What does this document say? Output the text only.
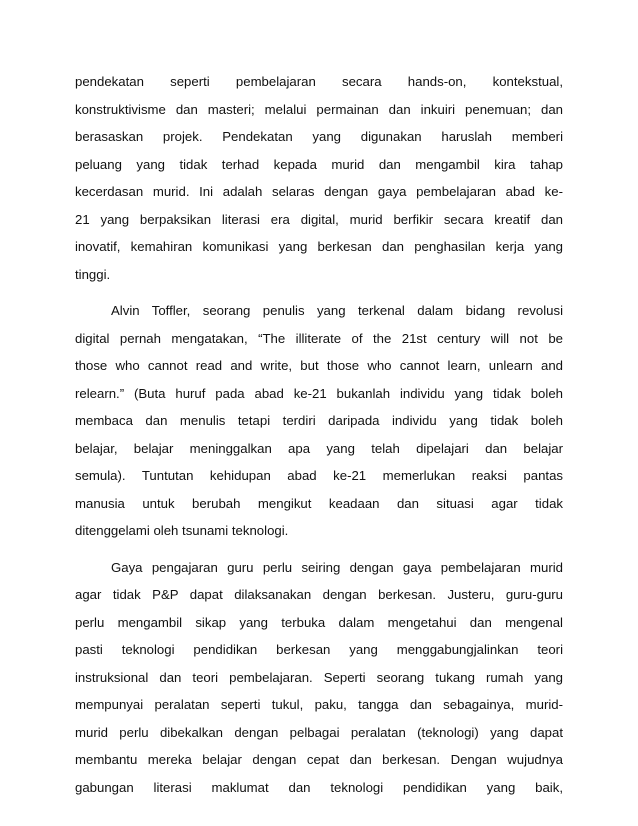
pendekatan seperti pembelajaran secara hands-on, kontekstual,
konstruktivisme dan masteri; melalui permainan dan inkuiri penemuan; dan
berasaskan projek. Pendekatan yang digunakan haruslah memberi
peluang yang tidak terhad kepada murid dan mengambil kira tahap
kecerdasan murid. Ini adalah selaras dengan gaya pembelajaran abad ke-
21 yang berpaksikan literasi era digital, murid berfikir secara kreatif dan
inovatif, kemahiran komunikasi yang berkesan dan penghasilan kerja yang
tinggi.
Alvin Toffler, seorang penulis yang terkenal dalam bidang revolusi
digital pernah mengatakan, “The illiterate of the 21st century will not be
those who cannot read and write, but those who cannot learn, unlearn and
relearn.” (Buta huruf pada abad ke-21 bukanlah individu yang tidak boleh
membaca dan menulis tetapi terdiri daripada individu yang tidak boleh
belajar, belajar meninggalkan apa yang telah dipelajari dan belajar
semula). Tuntutan kehidupan abad ke-21 memerlukan reaksi pantas
manusia untuk berubah mengikut keadaan dan situasi agar tidak
ditenggelami oleh tsunami teknologi.
Gaya pengajaran guru perlu seiring dengan gaya pembelajaran murid
agar tidak P&P dapat dilaksanakan dengan berkesan. Justeru, guru-guru
perlu mengambil sikap yang terbuka dalam mengetahui dan mengenal
pasti teknologi pendidikan berkesan yang menggabungjalinkan teori
instruksional dan teori pembelajaran. Seperti seorang tukang rumah yang
mempunyai peralatan seperti tukul, paku, tangga dan sebagainya, murid-
murid perlu dibekalkan dengan pelbagai peralatan (teknologi) yang dapat
membantu mereka belajar dengan cepat dan berkesan. Dengan wujudnya
gabungan literasi maklumat dan teknologi pendidikan yang baik,
